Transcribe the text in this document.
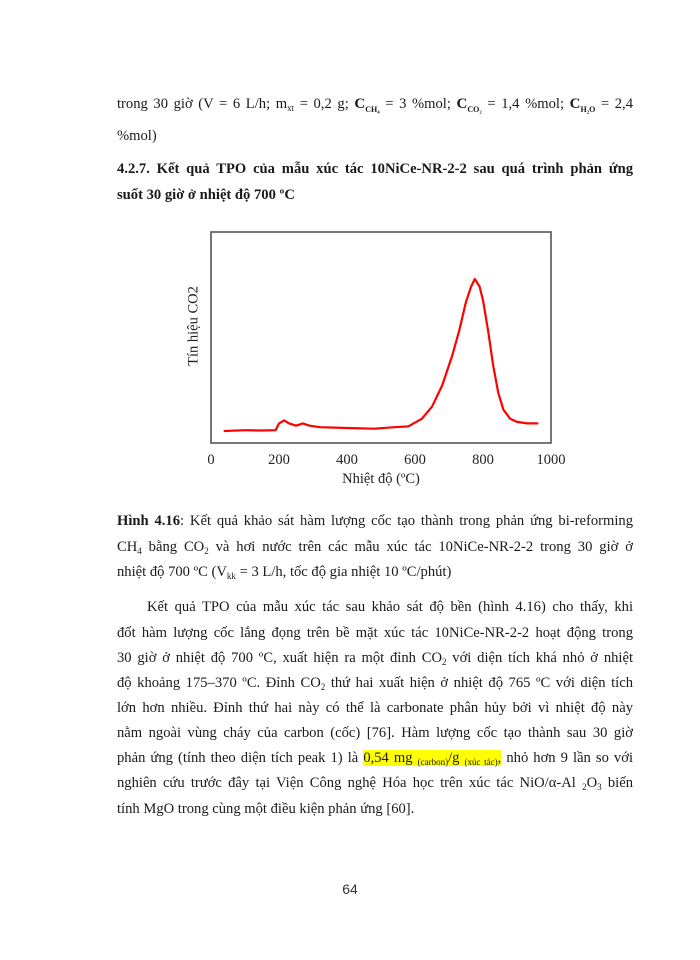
trong 30 giờ (V = 6 L/h; $m_{xt} = 0,2$ g; $C_{CH_4} = 3$ %mol; $C_{CO_2} = 1,4$ %mol; $C_{H_2O} = 2,4$
%mol)
4.2.7. Kết quả TPO của mẫu xúc tác 10NiCe-NR-2-2 sau quá trình phản ứng
suốt 30 giờ ở nhiệt độ 700 ºC
0	200	400	600	800	1000
Nhiệt độ (ºC)
Tín hiệu CO2
Hình 4.16: Kết quả khảo sát hàm lượng cốc tạo thành trong phản ứng bi-reforming
$CH_4$ bằng $CO_2$ và hơi nước trên các mẫu xúc tác 10NiCe-NR-2-2 trong 30 giờ ở
nhiệt độ 700 ºC ($V_{kk} = 3$ L/h, tốc độ gia nhiệt 10 ºC/phút)
Kết quả TPO của mẫu xúc tác sau khảo sát độ bền (hình 4.16) cho thấy, khi
đốt hàm lượng cốc lắng đọng trên bề mặt xúc tác 10NiCe-NR-2-2 hoạt động trong
30 giờ ở nhiệt độ 700 ºC, xuất hiện ra một đỉnh $CO_2$ với diện tích khá nhỏ ở nhiệt
độ khoảng 175–370 ºC. Đỉnh $CO_2$ thứ hai xuất hiện ở nhiệt độ 765 ºC với diện tích
lớn hơn nhiều. Đỉnh thứ hai này có thể là carbonate phân hủy bởi vì nhiệt độ này
nằm ngoài vùng cháy của carbon (cốc) [76]. Hàm lượng cốc tạo thành sau 30 giờ
phản ứng (tính theo diện tích peak 1) là 0,54 mg $_{(carbon)}$/g $_{(xúc tác)}$, nhỏ hơn 9 lần so với
nghiên cứu trước đây tại Viện Công nghệ Hóa học trên xúc tác NiO/α-Al $_2O_3$ biến
tính MgO trong cùng một điều kiện phản ứng [60].
64
